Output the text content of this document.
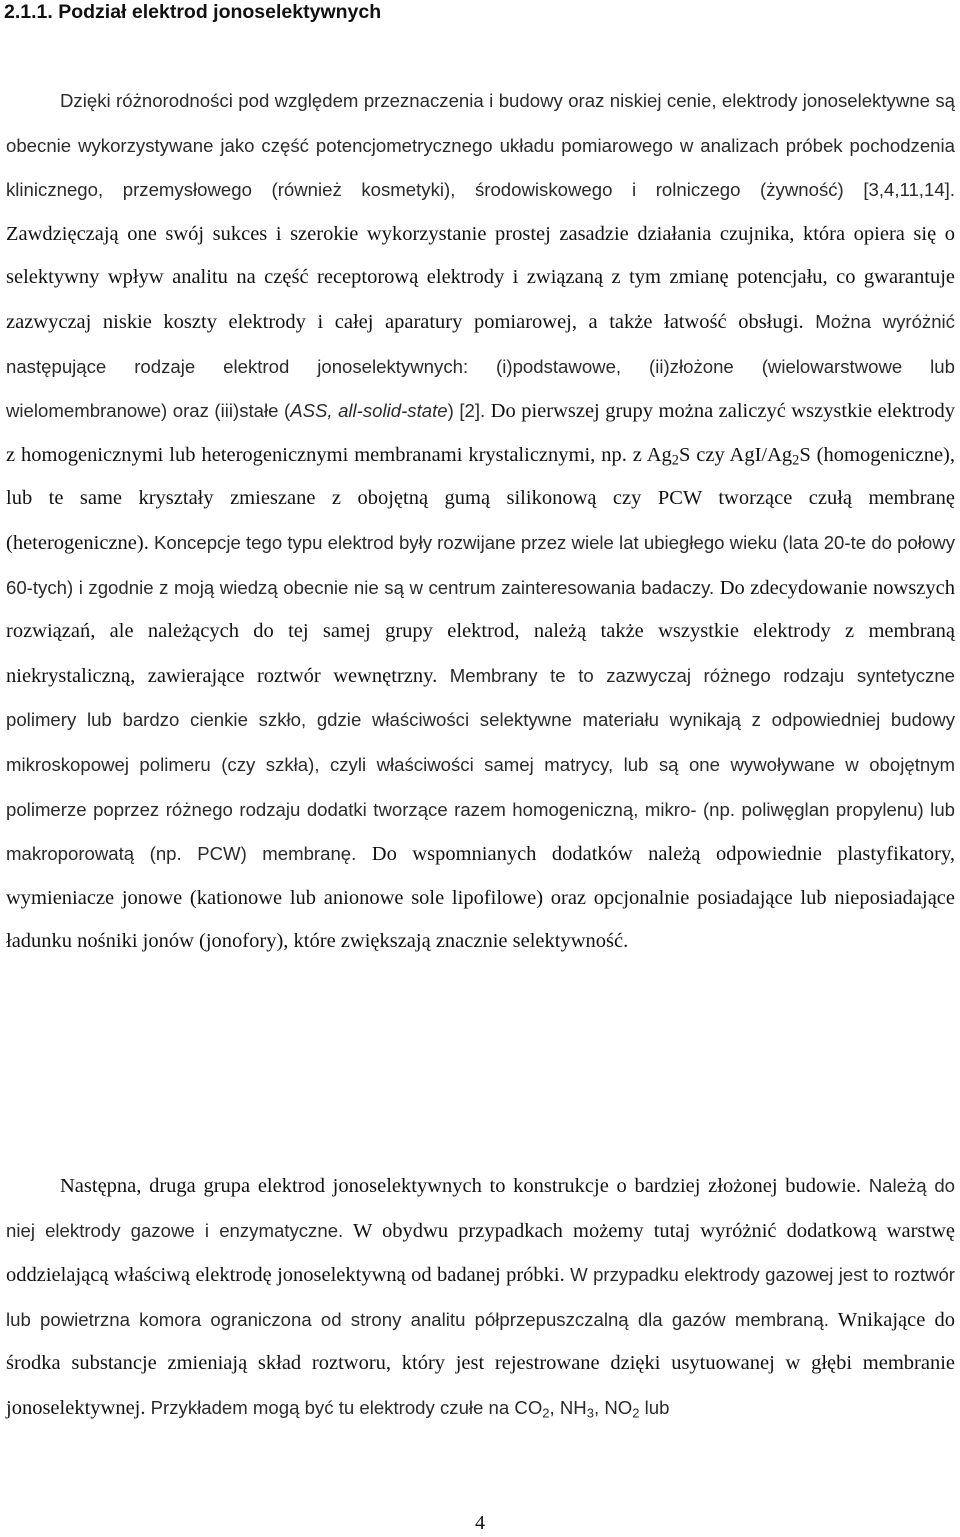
2.1.1. Podział elektrod jonoselektywnych

Dzięki różnorodności pod względem przeznaczenia i budowy oraz niskiej cenie, elektrody jonoselektywne są obecnie wykorzystywane jako część potencjometrycznego układu pomiarowego w analizach próbek pochodzenia klinicznego, przemysłowego (również kosmetyki), środowiskowego i rolniczego (żywność) [3,4,11,14]. Zawdzięczają one swój sukces i szerokie wykorzystanie prostej zasadzie działania czujnika, która opiera się o selektywny wpływ analitu na część receptorową elektrody i związaną z tym zmianę potencjału, co gwarantuje zazwyczaj niskie koszty elektrody i całej aparatury pomiarowej, a także łatwość obsługi. Można wyróżnić następujące rodzaje elektrod jonoselektywnych: (i)podstawowe, (ii)złożone (wielowarstwowe lub wielomembranowe) oraz (iii)stałe (ASS, all-solid-state) [2]. Do pierwszej grupy można zaliczyć wszystkie elektrody z homogenicznymi lub heterogenicznymi membranami krystalicznymi, np. z $Ag_2S$ czy AgI/$Ag_2S$ (homogeniczne), lub te same kryształy zmieszane z obojętną gumą silikonową czy PCW tworzące czułą membranę (heterogeniczne). Koncepcje tego typu elektrod były rozwijane przez wiele lat ubiegłego wieku (lata 20-te do połowy 60-tych) i zgodnie z moją wiedzą obecnie nie są w centrum zainteresowania badaczy. Do zdecydowanie nowszych rozwiązań, ale należących do tej samej grupy elektrod, należą także wszystkie elektrody z membraną niekrystaliczną, zawierające roztwór wewnętrzny. Membrany te to zazwyczaj różnego rodzaju syntetyczne polimery lub bardzo cienkie szkło, gdzie właściwości selektywne materiału wynikają z odpowiedniej budowy mikroskopowej polimeru (czy szkła), czyli właściwości samej matrycy, lub są one wywoływane w obojętnym polimerze poprzez różnego rodzaju dodatki tworzące razem homogeniczną, mikro- (np. poliwęglan propylenu) lub makroporowatą (np. PCW) membranę. Do wspomnianych dodatków należą odpowiednie plastyfikatory, wymieniacze jonowe (kationowe lub anionowe sole lipofilowe) oraz opcjonalnie posiadające lub nieposiadające ładunku nośniki jonów (jonofory), które zwiększają znacznie selektywność.

Następna, druga grupa elektrod jonoselektywnych to konstrukcje o bardziej złożonej budowie. Należą do niej elektrody gazowe i enzymatyczne. W obydwu przypadkach możemy tutaj wyróżnić dodatkową warstwę oddzielającą właściwą elektrodę jonoselektywną od badanej próbki. W przypadku elektrody gazowej jest to roztwór lub powietrzna komora ograniczona od strony analitu półprzepuszczalną dla gazów membraną. Wnikające do środka substancje zmieniają skład roztworu, który jest rejestrowane dzięki usytuowanej w głębi membranie jonoselektywnej. Przykładem mogą być tu elektrody czułe na $CO_2$, $NH_3$, $NO_2$ lub

4
